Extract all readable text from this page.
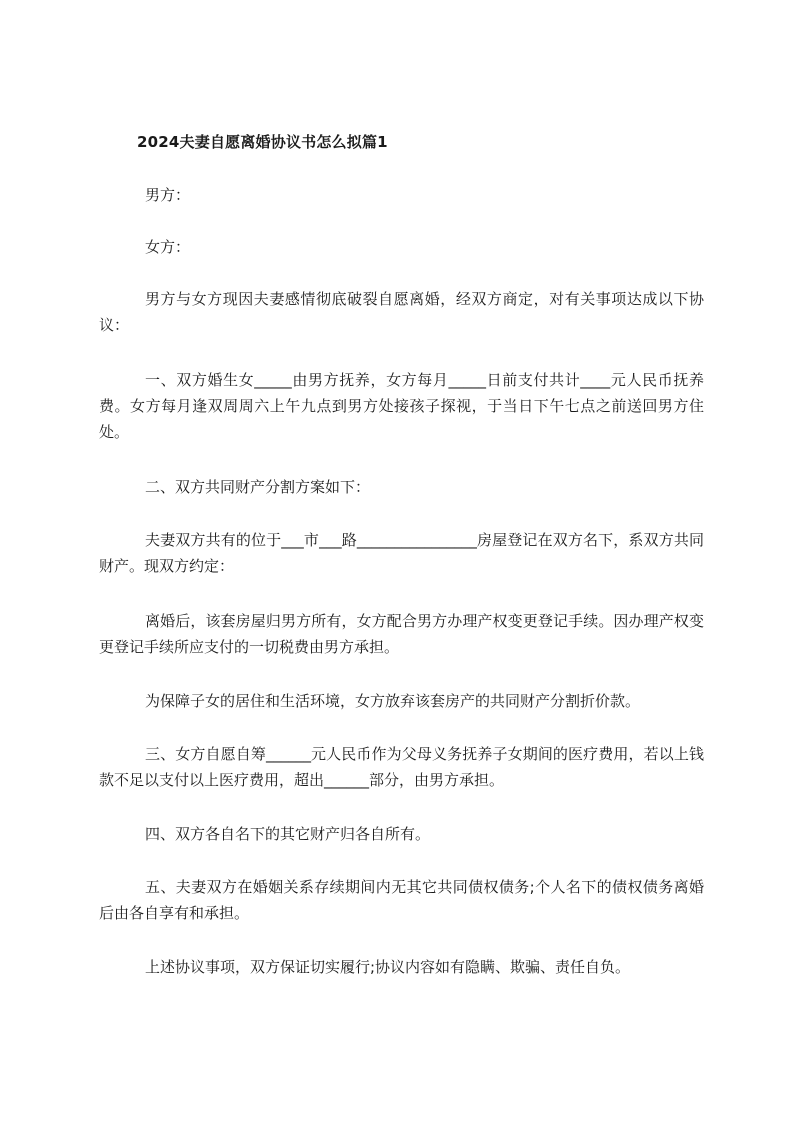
2024夫妻自愿离婚协议书怎么拟篇1
男方：
女方：
男方与女方现因夫妻感情彻底破裂自愿离婚，经双方商定，对有关事项达成以下协议：
一、双方婚生女_____由男方抚养，女方每月_____日前支付共计____元人民币抚养费。女方每月逢双周周六上午九点到男方处接孩子探视，于当日下午七点之前送回男方住处。
二、双方共同财产分割方案如下：
夫妻双方共有的位于___市___路________________房屋登记在双方名下，系双方共同财产。现双方约定：
离婚后，该套房屋归男方所有，女方配合男方办理产权变更登记手续。因办理产权变更登记手续所应支付的一切税费由男方承担。
为保障子女的居住和生活环境，女方放弃该套房产的共同财产分割折价款。
三、女方自愿自筹______元人民币作为父母义务抚养子女期间的医疗费用，若以上钱款不足以支付以上医疗费用，超出______部分，由男方承担。
四、双方各自名下的其它财产归各自所有。
五、夫妻双方在婚姻关系存续期间内无其它共同债权债务;个人名下的债权债务离婚后由各自享有和承担。
上述协议事项，双方保证切实履行;协议内容如有隐瞒、欺骗、责任自负。
